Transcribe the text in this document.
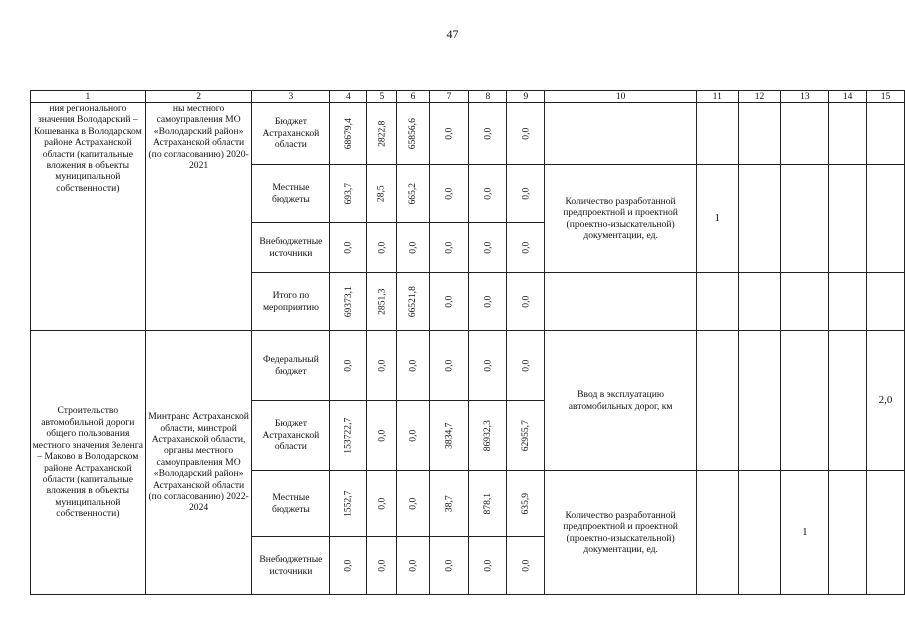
47
1	2	3	4	5	6	7	8	9	10	11	12	13	14	15
ния регионального значения Володарский – Кошеванка в Володарском районе Астраханской области (капитальные вложения в объекты муниципальной собственности)	ны местного самоуправления МО «Володарский район» Астраханской области (по согласованию) 2020-2021	Бюджет Астраханской области	68679,4	2822,8	65856,6	0,0	0,0	0,0						
		Местные бюджеты	693,7	28,5	665,2	0,0	0,0	0,0	Количество разработанной предпроектной и проектной (проектно-изыскательной) документации, ед.	1				
		Внебюджетные источники	0,0	0,0	0,0	0,0	0,0	0,0						
		Итого по мероприятию	69373,1	2851,3	66521,8	0,0	0,0	0,0						
Строительство автомобильной дороги общего пользования местного значения Зеленга – Маково в Володарском районе Астраханской области (капитальные вложения в объекты муниципальной собственности)	Минтранс Астраханской области, минстрой Астраханской области, органы местного самоуправления МО «Володарский район» Астраханской области (по согласованию) 2022-2024	Федеральный бюджет	0,0	0,0	0,0	0,0	0,0	0,0	Ввод в эксплуатацию автомобильных дорог, км					2,0
		Бюджет Астраханской области	153722,7	0,0	0,0	3834,7	86932,3	62955,7						
		Местные бюджеты	1552,7	0,0	0,0	38,7	878,1	635,9	Количество разработанной предпроектной и проектной (проектно-изыскательной) документации, ед.			1		
		Внебюджетные источники	0,0	0,0	0,0	0,0	0,0	0,0						
